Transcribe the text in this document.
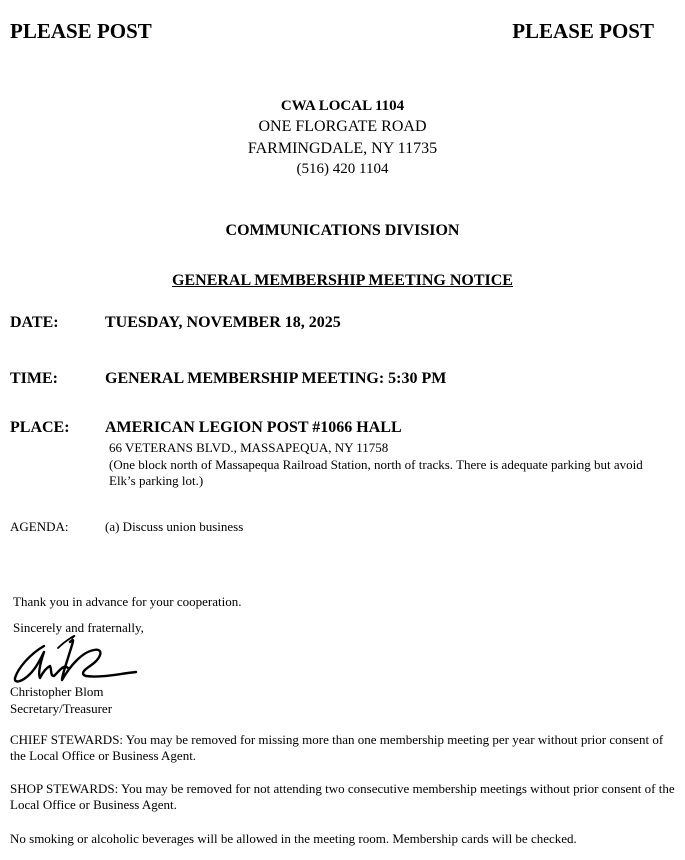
PLEASE POST	PLEASE POST
CWA LOCAL 1104
ONE FLORGATE ROAD
FARMINGDALE, NY 11735
(516) 420 1104
COMMUNICATIONS DIVISION
GENERAL MEMBERSHIP MEETING NOTICE
DATE:	TUESDAY, NOVEMBER 18, 2025
TIME:	GENERAL MEMBERSHIP MEETING: 5:30 PM
PLACE: AMERICAN LEGION POST #1066 HALL
66 VETERANS BLVD., MASSAPEQUA, NY 11758
(One block north of Massapequa Railroad Station, north of tracks. There is adequate parking but avoid Elk’s parking lot.)
AGENDA:	(a) Discuss union business
Thank you in advance for your cooperation.
Sincerely and fraternally,
Christopher Blom
Secretary/Treasurer
CHIEF STEWARDS: You may be removed for missing more than one membership meeting per year without prior consent of the Local Office or Business Agent.
SHOP STEWARDS: You may be removed for not attending two consecutive membership meetings without prior consent of the Local Office or Business Agent.
No smoking or alcoholic beverages will be allowed in the meeting room. Membership cards will be checked.
